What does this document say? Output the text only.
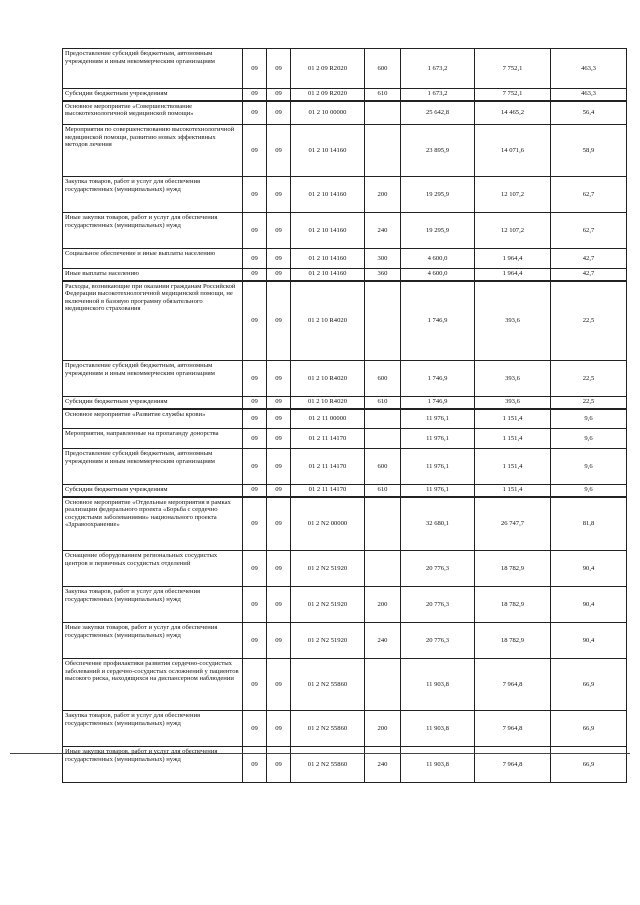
Предоставление субсидий бюджетным, автономным учреждениям и иным некоммерческим организациям	09	09	01 2 09 R2020	600	1 673,2	7 752,1	463,3
Субсидии бюджетным учреждениям	09	09	01 2 09 R2020	610	1 673,2	7 752,1	463,3
Основное мероприятие «Совершенствование высокотехнологичной медицинской помощи»	09	09	01 2 10 00000		25 642,8	14 465,2	56,4
Мероприятия по совершенствованию высокотехнологичной медицинской помощи, развитию новых эффективных методов лечения	09	09	01 2 10 14160		23 895,9	14 071,6	58,9
Закупка товаров, работ и услуг для обеспечения государственных (муниципальных) нужд	09	09	01 2 10 14160	200	19 295,9	12 107,2	62,7
Иные закупки товаров, работ и услуг для обеспечения государственных (муниципальных) нужд	09	09	01 2 10 14160	240	19 295,9	12 107,2	62,7
Социальное обеспечение и иные выплаты населению	09	09	01 2 10 14160	300	4 600,0	1 964,4	42,7
Иные выплаты населению	09	09	01 2 10 14160	360	4 600,0	1 964,4	42,7
Расходы, возникающие при оказании гражданам Российской Федерации высокотехнологичной медицинской помощи, не включенной в базовую программу обязательного медицинского страхования	09	09	01 2 10 R4020		1 746,9	393,6	22,5
Предоставление субсидий бюджетным, автономным учреждениям и иным некоммерческим организациям	09	09	01 2 10 R4020	600	1 746,9	393,6	22,5
Субсидии бюджетным учреждениям	09	09	01 2 10 R4020	610	1 746,9	393,6	22,5
Основное мероприятие «Развитие службы крови»	09	09	01 2 11 00000		11 976,1	1 151,4	9,6
Мероприятия, направленные на пропаганду донорства	09	09	01 2 11 14170		11 976,1	1 151,4	9,6
Предоставление субсидий бюджетным, автономным учреждениям и иным некоммерческим организациям	09	09	01 2 11 14170	600	11 976,1	1 151,4	9,6
Субсидии бюджетным учреждениям	09	09	01 2 11 14170	610	11 976,1	1 151,4	9,6
Основное мероприятие «Отдельные мероприятия в рамках реализации федерального проекта «Борьба с сердечно сосудистыми заболеваниями» национального проекта «Здравоохранение»	09	09	01 2 N2 00000		32 680,1	26 747,7	81,8
Оснащение оборудованием региональных сосудистых центров и первичных сосудистых отделений	09	09	01 2 N2 51920		20 776,3	18 782,9	90,4
Закупка товаров, работ и услуг для обеспечения государственных (муниципальных) нужд	09	09	01 2 N2 51920	200	20 776,3	18 782,9	90,4
Иные закупки товаров, работ и услуг для обеспечения государственных (муниципальных) нужд	09	09	01 2 N2 51920	240	20 776,3	18 782,9	90,4
Обеспечение профилактики развития сердечно-сосудистых заболеваний и сердечно-сосудистых осложнений у пациентов высокого риска, находящихся на диспансерном наблюдении	09	09	01 2 N2 55860		11 903,8	7 964,8	66,9
Закупка товаров, работ и услуг для обеспечения государственных (муниципальных) нужд	09	09	01 2 N2 55860	200	11 903,8	7 964,8	66,9
Иные закупки товаров, работ и услуг для обеспечения государственных (муниципальных) нужд	09	09	01 2 N2 55860	240	11 903,8	7 964,8	66,9
